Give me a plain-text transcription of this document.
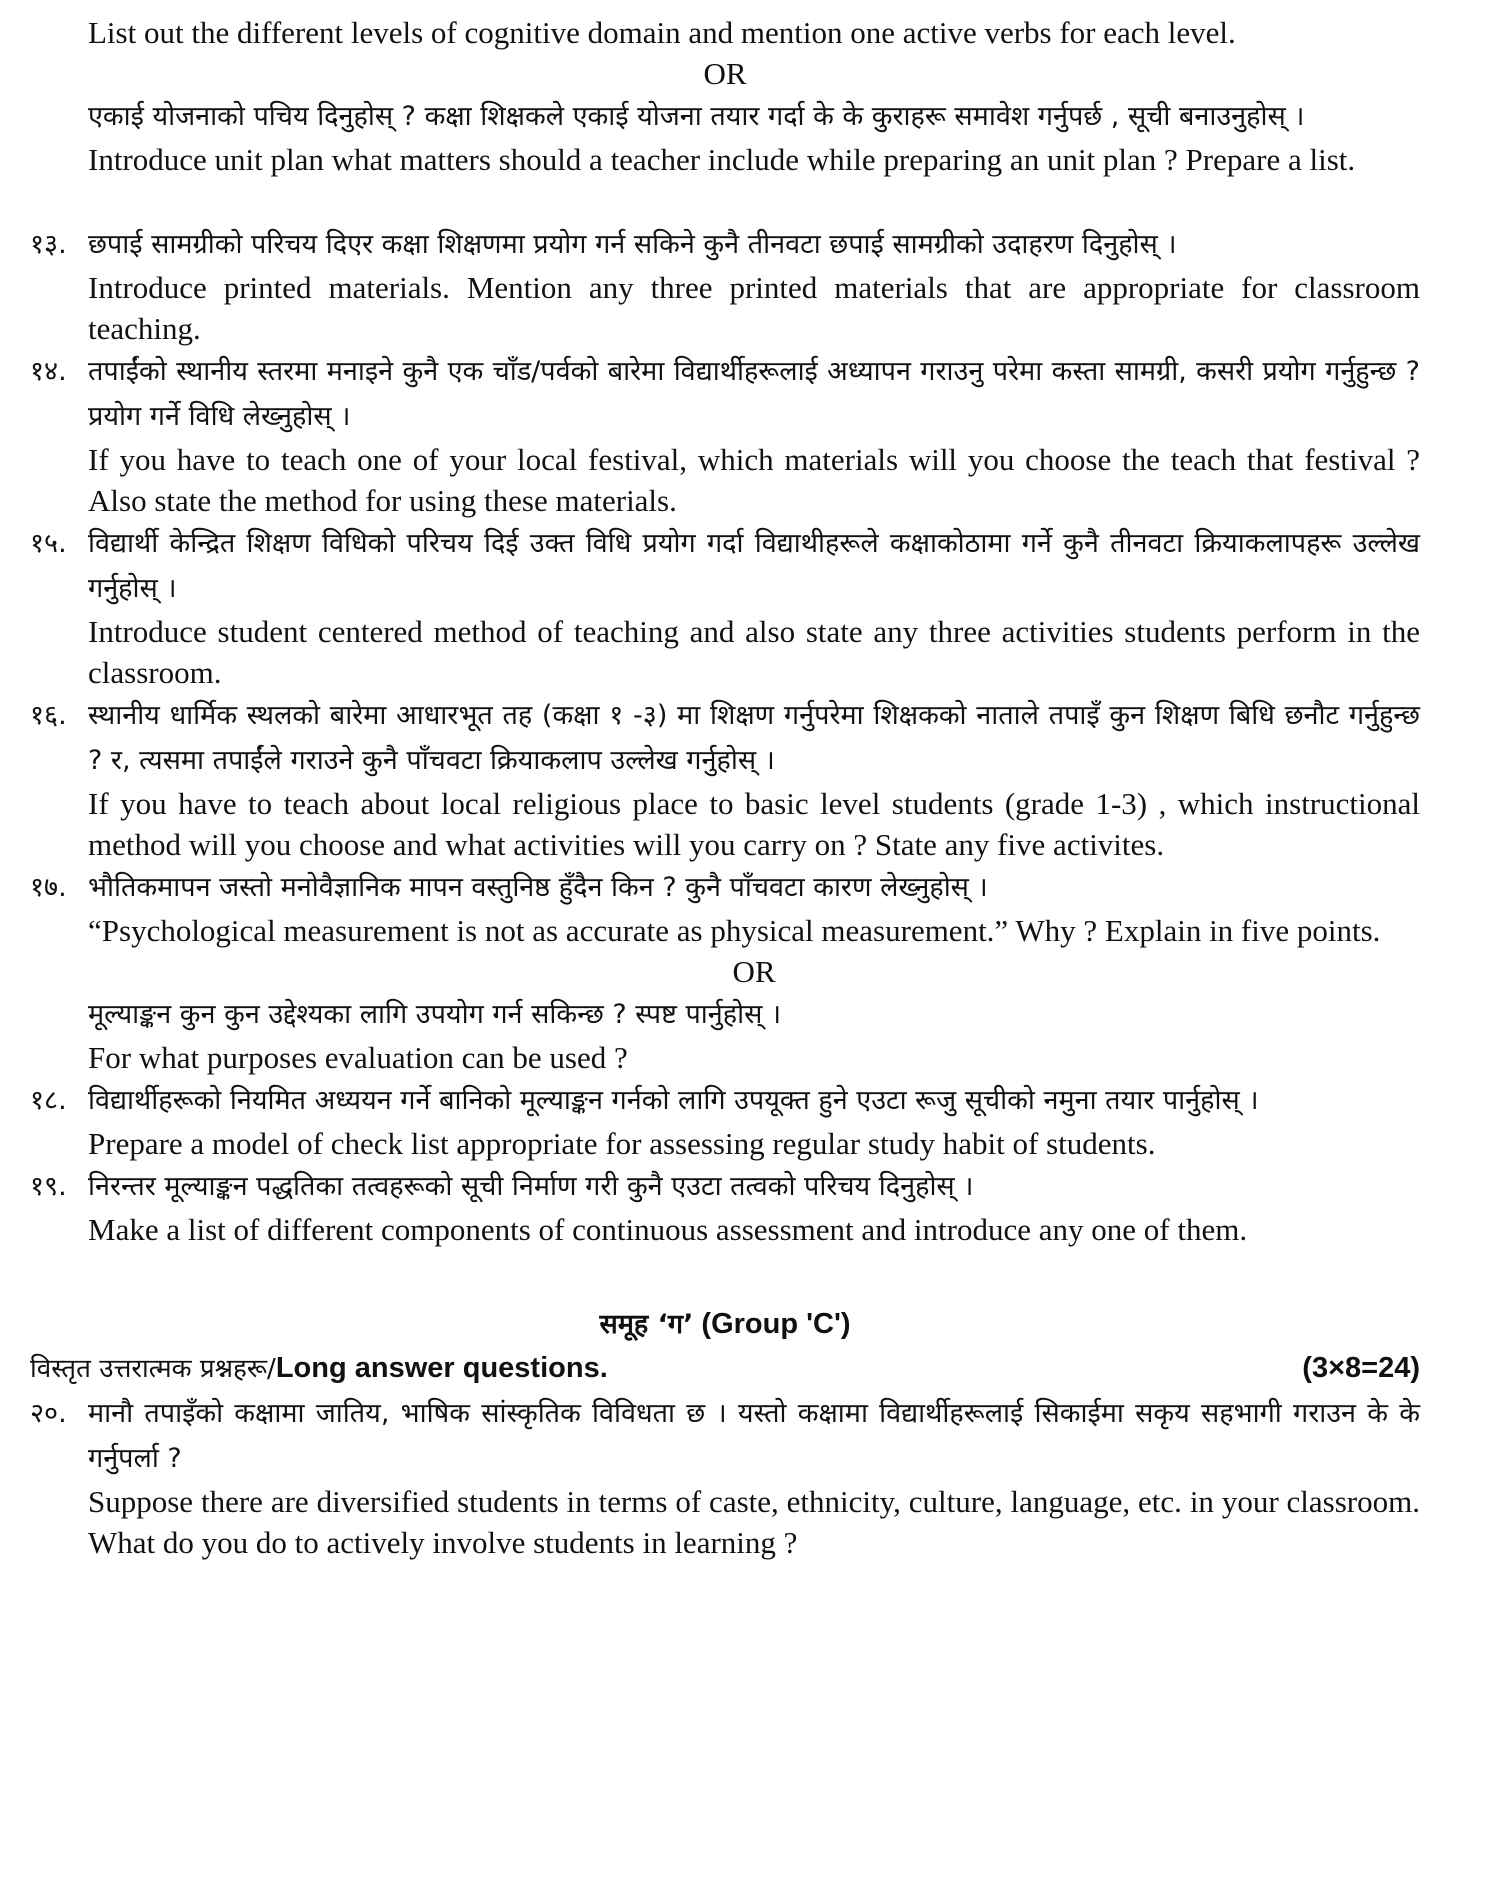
List out the different levels of cognitive domain and mention one active verbs for each level.

OR

एकाई योजनाको पचिय दिनुहोस् ? कक्षा शिक्षकले एकाई योजना तयार गर्दा के के कुराहरू समावेश गर्नुपर्छ , सूची बनाउनुहोस् ।

Introduce unit plan what matters should a teacher include while preparing an unit plan ? Prepare a list.

१३. छपाई सामग्रीको परिचय दिएर कक्षा शिक्षणमा प्रयोग गर्न सकिने कुनै तीनवटा छपाई सामग्रीको उदाहरण दिनुहोस् ।

Introduce printed materials. Mention any three printed materials that are appropriate for classroom teaching.

१४. तपाईंको स्थानीय स्तरमा मनाइने कुनै एक चाँड/पर्वको बारेमा विद्यार्थीहरूलाई अध्यापन गराउनु परेमा कस्ता सामग्री, कसरी प्रयोग गर्नुहुन्छ ? प्रयोग गर्ने विधि लेख्नुहोस् ।

If you have to teach one of your local festival, which materials will you choose the teach that festival ? Also state the method for using these materials.

१५. विद्यार्थी केन्द्रित शिक्षण विधिको परिचय दिई उक्त विधि प्रयोग गर्दा विद्याथीहरूले कक्षाकोठामा गर्ने कुनै तीनवटा क्रियाकलापहरू उल्लेख गर्नुहोस् ।

Introduce student centered method of teaching and also state any three activities students perform in the classroom.

१६. स्थानीय धार्मिक स्थलको बारेमा आधारभूत तह (कक्षा १ -३) मा शिक्षण गर्नुपरेमा शिक्षकको नाताले तपाइँ कुन शिक्षण बिधि छनौट गर्नुहुन्छ ? र, त्यसमा तपाईंले गराउने कुनै पाँचवटा क्रियाकलाप उल्लेख गर्नुहोस् ।

If you have to teach about local religious place to basic level students (grade 1-3) , which instructional method will you choose and what activities will you carry on ? State any five activites.

१७. भौतिकमापन जस्तो मनोवैज्ञानिक मापन वस्तुनिष्ठ हुँदैन किन ? कुनै पाँचवटा कारण लेख्नुहोस् ।

“Psychological measurement is not as accurate as physical measurement.” Why ? Explain in five points.

OR

मूल्याङ्कन कुन कुन उद्देश्यका लागि उपयोग गर्न सकिन्छ ? स्पष्ट पार्नुहोस् ।

For what purposes evaluation can be used ?

१८. विद्यार्थीहरूको नियमित अध्ययन गर्ने बानिको मूल्याङ्कन गर्नको लागि उपयूक्त हुने एउटा रूजु सूचीको नमुना तयार पार्नुहोस् ।

Prepare a model of check list appropriate for assessing regular study habit of students.

१९. निरन्तर मूल्याङ्कन पद्धतिका तत्वहरूको सूची निर्माण गरी कुनै एउटा तत्वको परिचय दिनुहोस् ।

Make a list of different components of continuous assessment and introduce any one of them.

समूह ‘ग’ (Group 'C')

विस्तृत उत्तरात्मक प्रश्नहरू/Long answer questions.	(3×8=24)
२०. मानौ तपाइँको कक्षामा जातिय, भाषिक सांस्कृतिक विविधता छ । यस्तो कक्षामा विद्यार्थीहरूलाई सिकाईमा सकृय सहभागी गराउन के के गर्नुपर्ला ?

Suppose there are diversified students in terms of caste, ethnicity, culture, language, etc. in your classroom. What do you do to actively involve students in learning ?
